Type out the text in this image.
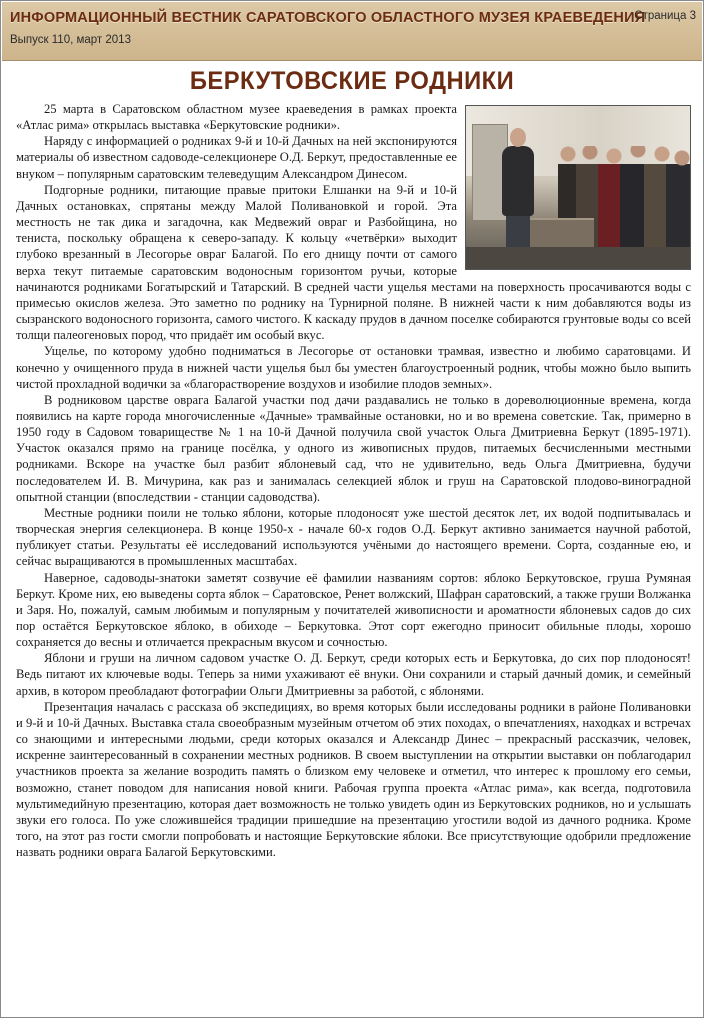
ИНФОРМАЦИОННЫЙ ВЕСТНИК САРАТОВСКОГО ОБЛАСТНОГО МУЗЕЯ КРАЕВЕДЕНИЯ
Выпуск 110, март 2013
Страница 3
БЕРКУТОВСКИЕ РОДНИКИ

25 марта в Саратовском областном музее краеведения в рамках проекта «Атлас рима» открылась выставка «Беркутовские родники».

Наряду с информацией о родниках 9-й и 10-й Дачных на ней экспонируются материалы об известном садоводе-селекционере О.Д. Беркут, предоставленные ее внуком – популярным саратовским телеведущим Александром Динесом.

Подгорные родники, питающие правые притоки Елшанки на 9-й и 10-й Дачных остановках, спрятаны между Малой Поливановкой и горой. Эта местность не так дика и загадочна, как Медвежий овраг и Разбойщина, но тениста, поскольку обращена к северо-западу. К кольцу «четвёрки» выходит глубоко врезанный в Лесогорье овраг Балагой. По его днищу почти от самого верха текут питаемые саратовским водоносным горизонтом ручьи, которые начинаются родниками Богатырский и Татарский. В средней части ущелья местами на поверхность просачиваются воды с примесью окислов железа. Это заметно по роднику на Турнирной поляне. В нижней части к ним добавляются воды из сызранского водоносного горизонта, самого чистого. К каскаду прудов в дачном поселке собираются грунтовые воды со всей толщи палеогеновых пород, что придаёт им особый вкус.

Ущелье, по которому удобно подниматься в Лесогорье от остановки трамвая, известно и любимо саратовцами. И конечно у очищенного пруда в нижней части ущелья был бы уместен благоустроенный родник, чтобы можно было выпить чистой прохладной водички за «благорастворение воздухов и изобилие плодов земных».

В родниковом царстве оврага Балагой участки под дачи раздавались не только в дореволюционные времена, когда появились на карте города многочисленные «Дачные» трамвайные остановки, но и во времена советские. Так, примерно в 1950 году в Садовом товариществе № 1 на 10-й Дачной получила свой участок Ольга Дмитриевна Беркут (1895-1971). Участок оказался прямо на границе посёлка, у одного из живописных прудов, питаемых бесчисленными местными родниками. Вскоре на участке был разбит яблоневый сад, что не удивительно, ведь Ольга Дмитриевна, будучи последователем И. В. Мичурина, как раз и занималась селекцией яблок и груш на Саратовской плодово-виноградной опытной станции (впоследствии - станции садоводства).

Местные родники поили не только яблони, которые плодоносят уже шестой десяток лет, их водой подпитывалась и творческая энергия селекционера. В конце 1950-х - начале 60-х годов О.Д. Беркут активно занимается научной работой, публикует статьи. Результаты её исследований используются учёными до настоящего времени. Сорта, созданные ею, и сейчас выращиваются в промышленных масштабах.

Наверное, садоводы-знатоки заметят созвучие её фамилии названиям сортов: яблоко Беркутовское, груша Румяная Беркут. Кроме них, ею выведены сорта яблок – Саратовское, Ренет волжский, Шафран саратовский, а также груши Волжанка и Заря. Но, пожалуй, самым любимым и популярным у почитателей живописности и ароматности яблоневых садов до сих пор остаётся Беркутовское яблоко, в обиходе – Беркутовка. Этот сорт ежегодно приносит обильные плоды, хорошо сохраняется до весны и отличается прекрасным вкусом и сочностью.

Яблони и груши на личном садовом участке О. Д. Беркут, среди которых есть и Беркутовка, до сих пор плодоносят! Ведь питают их ключевые воды. Теперь за ними ухаживают её внуки. Они сохранили и старый дачный домик, и семейный архив, в котором преобладают фотографии Ольги Дмитриевны за работой, с яблонями.

Презентация началась с рассказа об экспедициях, во время которых были исследованы родники в районе Поливановки и 9-й и 10-й Дачных. Выставка стала своеобразным музейным отчетом об этих походах, о впечатлениях, находках и встречах со знающими и интересными людьми, среди которых оказался и Александр Динес – прекрасный рассказчик, человек, искренне заинтересованный в сохранении местных родников. В своем выступлении на открытии выставки он поблагодарил участников проекта за желание возродить память о близком ему человеке и отметил, что интерес к прошлому его семьи, возможно, станет поводом для написания новой книги. Рабочая группа проекта «Атлас рима», как всегда, подготовила мультимедийную презентацию, которая дает возможность не только увидеть один из Беркутовских родников, но и услышать звуки его голоса. По уже сложившейся традиции пришедшие на презентацию угостили водой из дачного родника. Кроме того, на этот раз гости смогли попробовать и настоящие Беркутовские яблоки. Все присутствующие одобрили предложение назвать родники оврага Балагой Беркутовскими.
